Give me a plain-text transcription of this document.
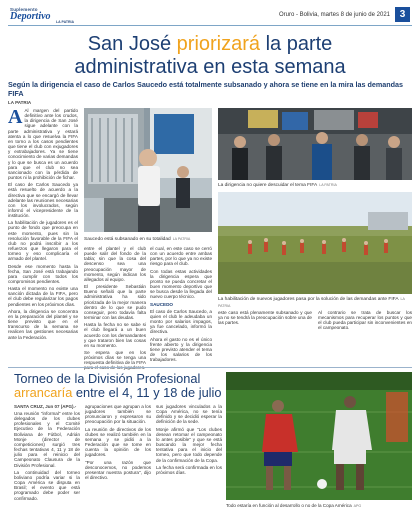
Suplemento
Deportivo LA PATRIA
Oruro - Bolivia, martes 8 de junio de 2021 3
San José priorizará la parte
administrativa en esta semana
Según la dirigencia el caso de Carlos Saucedo está totalmente subsanado y ahora se tiene en la mira las demandas FIFA
LA PATRIA

A Al margen del partido definitivo ante los crudos, la dirigencia de San José sigue adelante con la parte administrativa y estará atenta a lo que resuelva la FIFA en torno a los casos pendientes que tiene el club con exjugadores y extrabajadores. Ya se tiene conocimiento de varias demandas y lo que se busca es un acuerdo para que el club no sea sancionado con la pérdida de puntos ni la prohibición de fichar.

El caso de Carlos Saucedo ya está resuelto de acuerdo a la directiva que se encargó de llevar adelante las reuniones necesarias con los involucrados, según informó el vicepresidente de la institución.

La habilitación de jugadores es el punto de fondo que preocupa en este momento, pues sin la resolución favorable de la FIFA el club no podrá inscribir a los refuerzos que llegaron para el torneo y eso complicaría el armado del plantel.

Desde ese momento hasta la fecha, San José está trabajando para cumplir con todos los compromisos pendientes.

Hasta el momento no existe una sanción dictada de la FIFA, pero el club debe regularizar los pagos pendientes en los próximos días.

Ahora, la dirigencia se concentra en la preparación del plantel y se tiene previsto que en el transcurso de la semana se realicen las gestiones necesarias ante la Federación.

Saucedo está subsanado en su totalidad LA PATRIA

entre el plantel y el club puede salir del fondo de la tabla; sin que la cosa del descenso sea una preocupación mayor de momento, según indican los allegados al equipo.

El presidente Sebastián Bueno señaló que la parte administrativa ha sido priorizada de la mejor manera dentro de lo que se pudo conseguir, pero todavía falta terminar con las deudas.

Hasta la fecha no se sabe si el club llegará a un buen acuerdo con los demandantes y que trataron bien las cosas en su momento.

Se espera que en los próximos días se tenga una respuesta definitiva de la FIFA

el cual, en este caso se cerró con un acuerdo entre ambas partes, por lo que ya no existe riesgo para el club.

Con todas estas actividades la dirigencia espera que pronto se pueda concretar el buen momento deportivo que se busca desde la llegada del nuevo cuerpo técnico.

SAUCEDO

El caso de Carlos Saucedo, a quien el club le adeudaba un monto por salarios impagos, ya fue cancelado, informó la directiva.

Ahora el gasto no es el único frente abierto y la dirigencia tiene previsto atender el tema de los salarios de los trabajadores.

La dirigencia no quiere descuidar el tema FIFA LA PATRIA
La habilitación de nuevos jugadores pasa por la solución de las demandas ante FIFA LA PATRIA

este caso está plenamente subsanado y que ya no se tendrá la preocupación sobre una de las partes.

Al contrario se trata de buscar los mecanismos para recuperar los puntos y que el club pueda participar sin inconvenientes en el campeonato.

Torneo de la División Profesional
arrancaría entre el 4, 11 y 18 de julio
SANTA CRUZ, Jun 07 (APG).-

Una reunión "informal" entre los delegados de los clubes profesionales y el Comité Ejecutivo de la Federación Boliviana de Fútbol, Adrián Monje (director de competiciones) surgió tres fechas tentativas 4, 11 y 18 de julio para el reinicio del Campeonato Clausura de la División Profesional.

La continuidad del torneo boliviano podría variar si la Copa América se disputa en Brasil; el evento que está programado debe poder ser confirmado.

agrupaciones que agrupan a los jugadores también se pronunciaron y expresaron su preocupación por la situación.

La reunión de directivos de los clubes se realizó también en la semana y se pidió a la Federación que se tome en cuenta la opinión de los jugadores.

"Por una razón que desconocemos, no podemos presentar nuestra postura", dijo el directivo.

sus jugadores vinculados a la Copa América, no se tenía definido y se decidió esperar la definición de la sede.

Monje afirmó que "Los clubes desean retomar el campeonato lo antes posible" y que se está buscando la mejor fecha tentativa para el inicio del torneo, pero que todo depende de la confirmación de la Copa.

La fecha será confirmada en los próximos días.

Todo estaría en función al desarrollo o no de la Copa América APG
